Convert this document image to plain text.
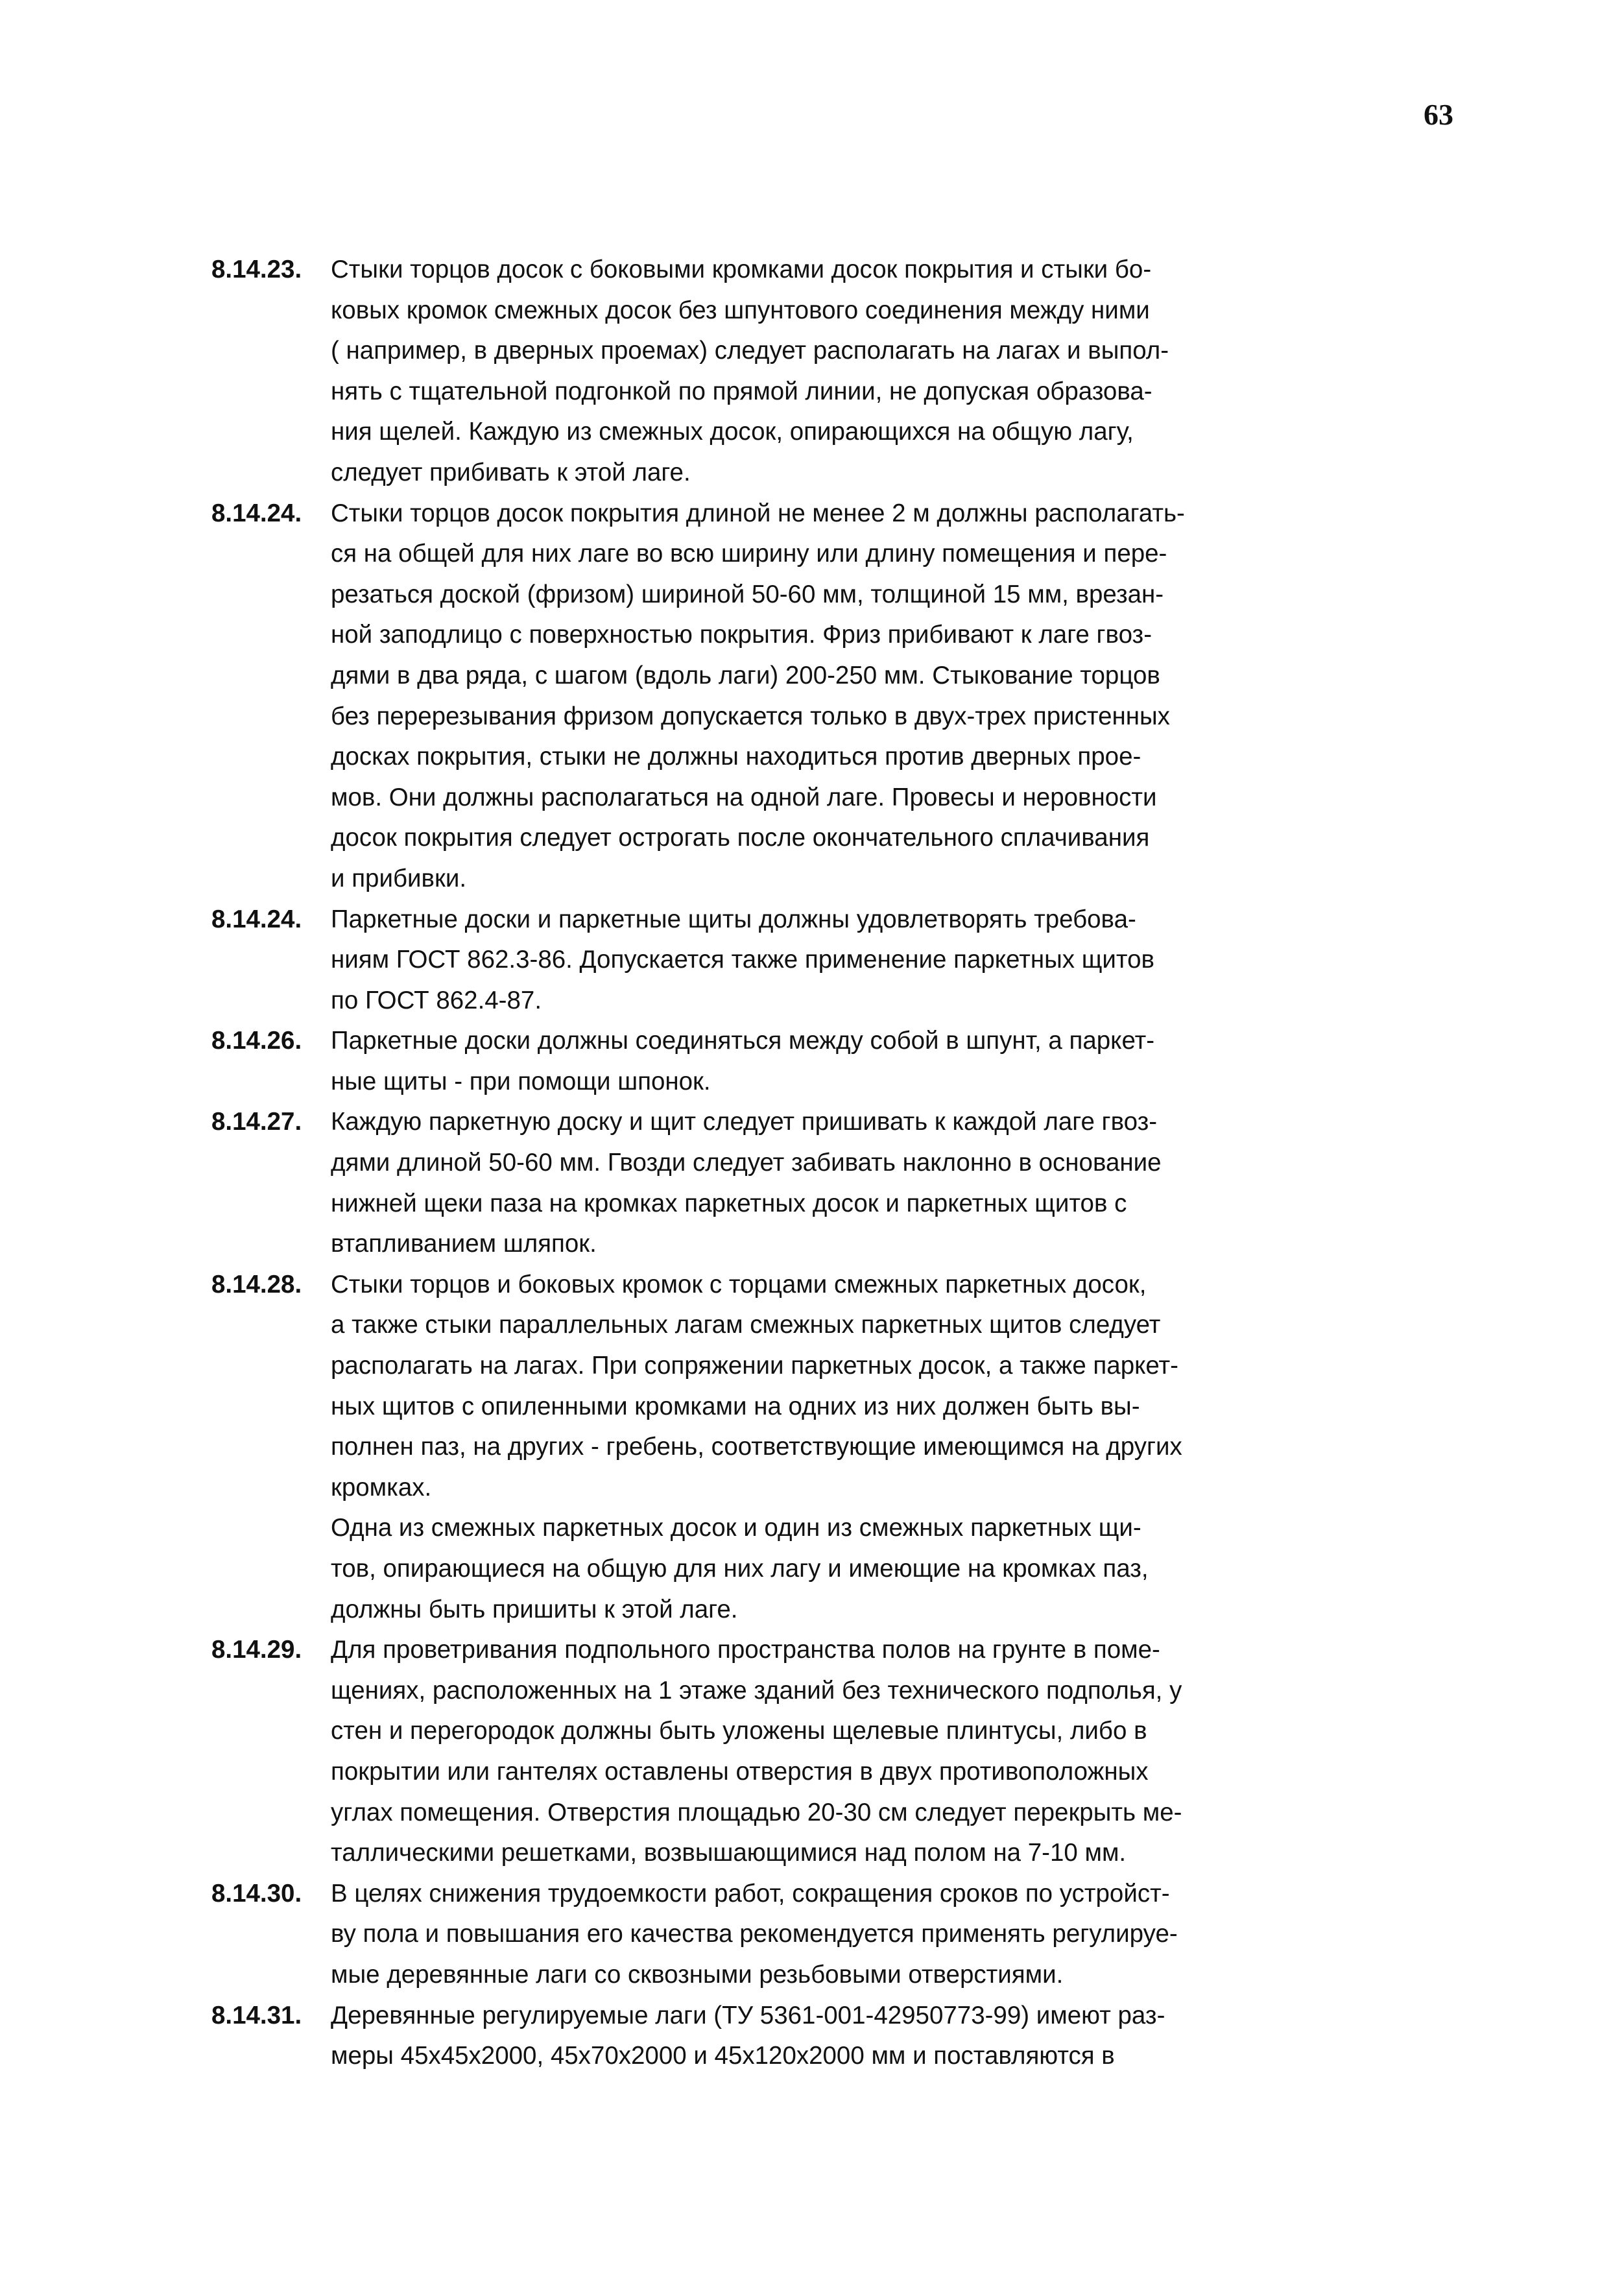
63
8.14.23.	Стыки торцов досок с боковыми кромками досок покрытия и стыки бо-
ковых кромок смежных досок без шпунтового соединения между ними
( например, в дверных проемах) следует располагать на лагах и выпол-
нять с тщательной подгонкой по прямой линии, не допуская образова-
ния щелей. Каждую из смежных досок, опирающихся на общую лагу,
следует прибивать к этой лаге.
8.14.24.	Стыки торцов досок покрытия длиной не менее 2 м должны располагать-
ся на общей для них лаге во всю ширину или длину помещения и пере-
резаться доской (фризом) шириной 50-60 мм, толщиной 15 мм, врезан-
ной заподлицо с поверхностью покрытия. Фриз прибивают к лаге гвоз-
дями в два ряда, с шагом (вдоль лаги) 200-250 мм. Стыкование торцов
без перерезывания фризом допускается только в двух-трех пристенных
досках покрытия, стыки не должны находиться против дверных прое-
мов. Они должны располагаться на одной лаге. Провесы и неровности
досок покрытия следует острогать после окончательного сплачивания
и прибивки.
8.14.24.	Паркетные доски и паркетные щиты должны удовлетворять требова-
ниям ГОСТ 862.3-86. Допускается также применение паркетных щитов
по ГОСТ 862.4-87.
8.14.26.	Паркетные доски должны соединяться между собой в шпунт, а паркет-
ные щиты - при помощи шпонок.
8.14.27.	Каждую паркетную доску и щит следует пришивать к каждой лаге гвоз-
дями длиной 50-60 мм. Гвозди следует забивать наклонно в основание
нижней щеки паза на кромках паркетных досок и паркетных щитов с
втапливанием шляпок.
8.14.28.	Стыки торцов и боковых кромок с торцами смежных паркетных досок,
а также стыки параллельных лагам смежных паркетных щитов следует
располагать на лагах. При сопряжении паркетных досок, а также паркет-
ных щитов с опиленными кромками на одних из них должен быть вы-
полнен паз, на других - гребень, соответствующие имеющимся на других
кромках.
Одна из смежных паркетных досок и один из смежных паркетных щи-
тов, опирающиеся на общую для них лагу и имеющие на кромках паз,
должны быть пришиты к этой лаге.
8.14.29.	Для проветривания подпольного пространства полов на грунте в поме-
щениях, расположенных на 1 этаже зданий без технического подполья, у
стен и перегородок должны быть уложены щелевые плинтусы, либо в
покрытии или гантелях оставлены отверстия в двух противоположных
углах помещения. Отверстия площадью 20-30 см следует перекрыть ме-
таллическими решетками, возвышающимися над полом на 7-10 мм.
8.14.30.	В целях снижения трудоемкости работ, сокращения сроков по устройст-
ву пола и повышания его качества рекомендуется применять регулируе-
мые деревянные лаги со сквозными резьбовыми отверстиями.
8.14.31.	Деревянные регулируемые лаги (ТУ 5361-001-42950773-99) имеют раз-
меры 45x45x2000, 45x70x2000 и 45x120x2000 мм и поставляются в
